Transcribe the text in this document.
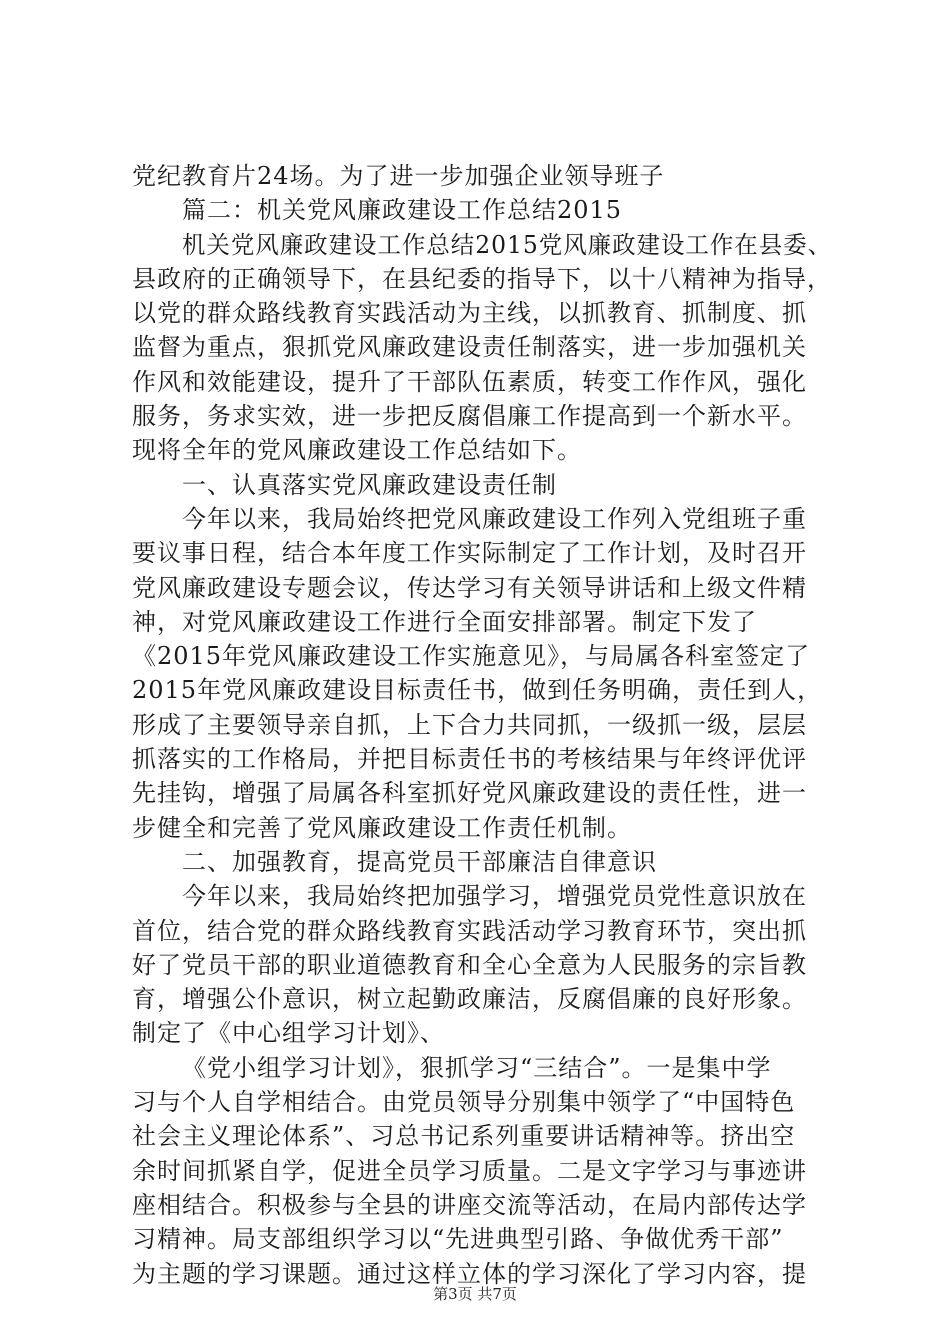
党纪教育片24场。为了进一步加强企业领导班子
篇二：机关党风廉政建设工作总结2015
机关党风廉政建设工作总结2015党风廉政建设工作在县委、
县政府的正确领导下，在县纪委的指导下，以十八精神为指导，
以党的群众路线教育实践活动为主线，以抓教育、抓制度、抓
监督为重点，狠抓党风廉政建设责任制落实，进一步加强机关
作风和效能建设，提升了干部队伍素质，转变工作作风，强化
服务，务求实效，进一步把反腐倡廉工作提高到一个新水平。
现将全年的党风廉政建设工作总结如下。
一、认真落实党风廉政建设责任制
今年以来，我局始终把党风廉政建设工作列入党组班子重
要议事日程，结合本年度工作实际制定了工作计划，及时召开
党风廉政建设专题会议，传达学习有关领导讲话和上级文件精
神，对党风廉政建设工作进行全面安排部署。制定下发了
《2015年党风廉政建设工作实施意见》，与局属各科室签定了
2015年党风廉政建设目标责任书，做到任务明确，责任到人，
形成了主要领导亲自抓，上下合力共同抓，一级抓一级，层层
抓落实的工作格局，并把目标责任书的考核结果与年终评优评
先挂钩，增强了局属各科室抓好党风廉政建设的责任性，进一
步健全和完善了党风廉政建设工作责任机制。
二、加强教育，提高党员干部廉洁自律意识
今年以来，我局始终把加强学习，增强党员党性意识放在
首位，结合党的群众路线教育实践活动学习教育环节，突出抓
好了党员干部的职业道德教育和全心全意为人民服务的宗旨教
育，增强公仆意识，树立起勤政廉洁，反腐倡廉的良好形象。
制定了《中心组学习计划》、
《党小组学习计划》，狠抓学习“三结合”。一是集中学
习与个人自学相结合。由党员领导分别集中领学了“中国特色
社会主义理论体系”、习总书记系列重要讲话精神等。挤出空
余时间抓紧自学，促进全员学习质量。二是文字学习与事迹讲
座相结合。积极参与全县的讲座交流等活动，在局内部传达学
习精神。局支部组织学习以“先进典型引路、争做优秀干部”
为主题的学习课题。通过这样立体的学习深化了学习内容，提
第3页 共7页
